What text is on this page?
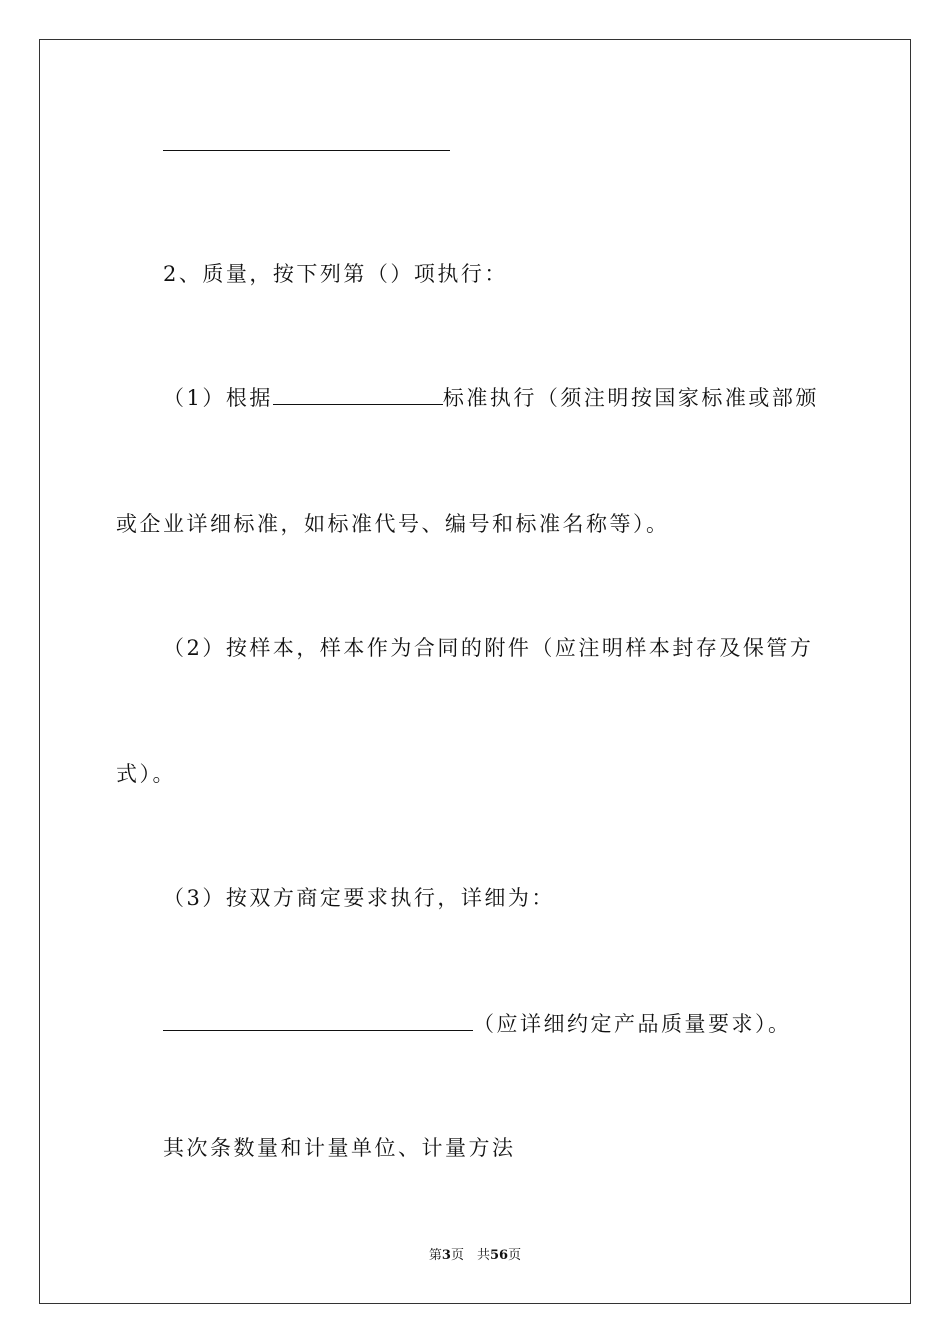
2、质量，按下列第（）项执行：
（1）根据	标准执行（须注明按国家标准或部颁
或企业详细标准，如标准代号、编号和标准名称等）。
（2）按样本，样本作为合同的附件（应注明样本封存及保管方
式）。
（3）按双方商定要求执行，详细为：
（应详细约定产品质量要求）。
其次条数量和计量单位、计量方法
第3页　共56页
